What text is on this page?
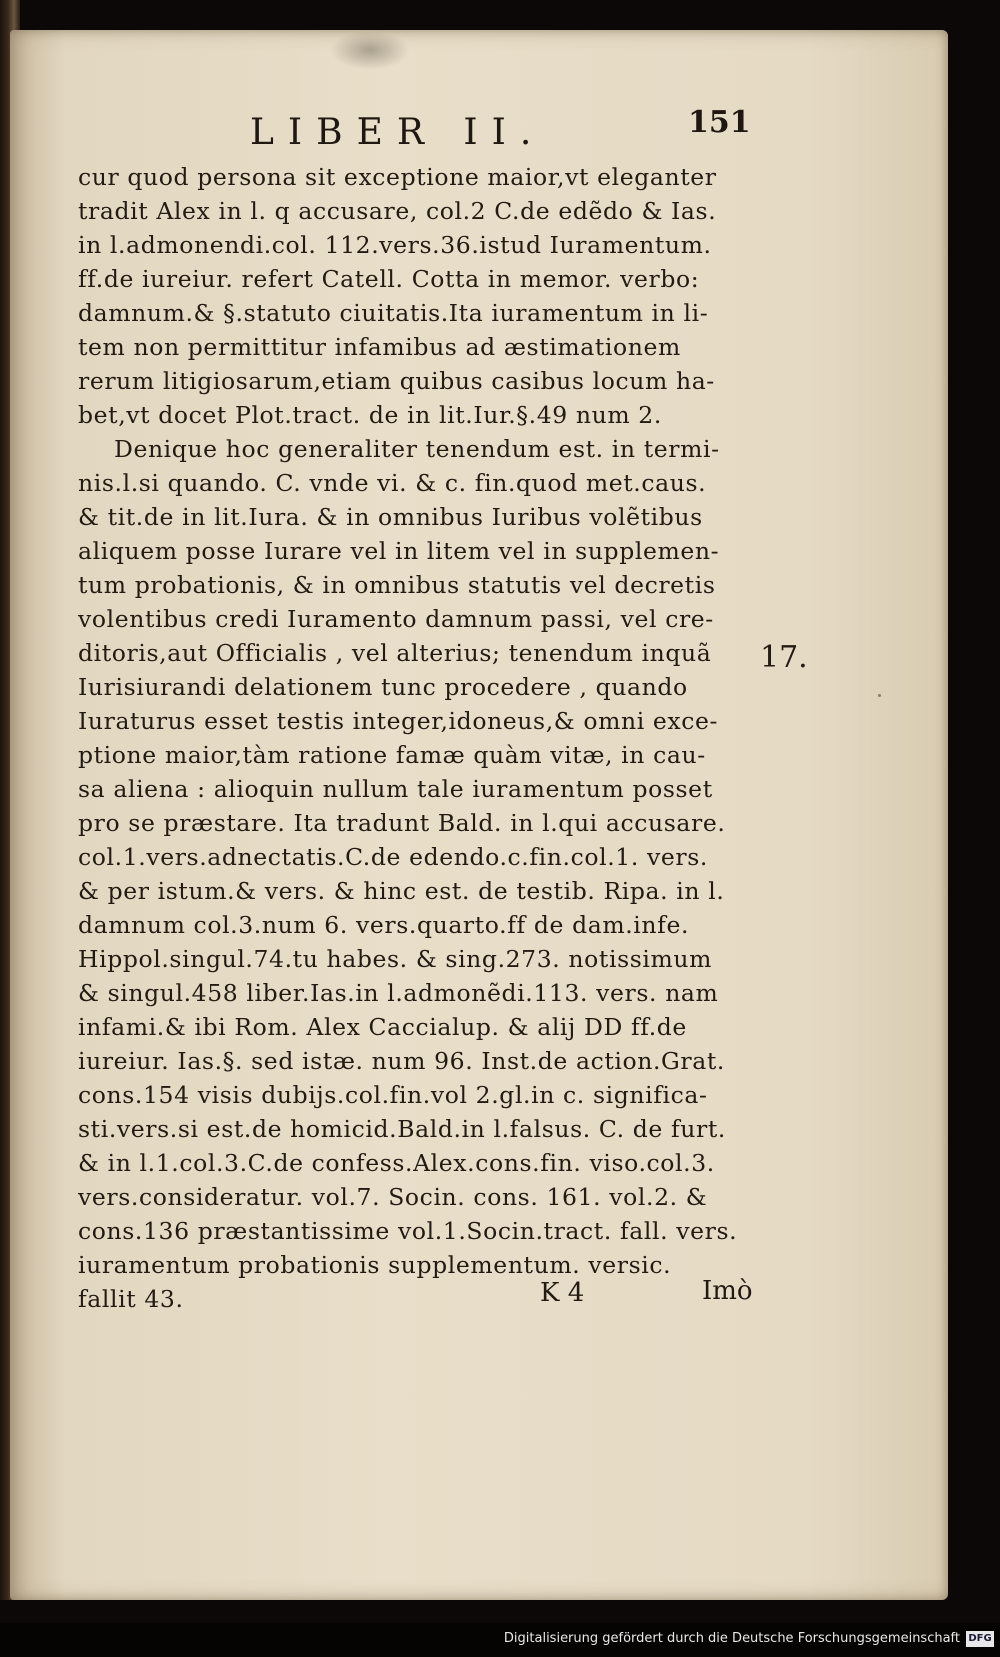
LIBER II.	151
cur quod persona sit exceptione maior,vt eleganter
tradit Alex in l. q accusare, col.2 C.de edẽdo & Ias.
in l.admonendi.col. 112.vers.36.istud Iuramentum.
ff.de iureiur. refert Catell. Cotta in memor. verbo:
damnum.& §.statuto ciuitatis.Ita iuramentum in li-
tem non permittitur infamibus ad æstimationem
rerum litigiosarum,etiam quibus casibus locum ha-
bet,vt docet Plot.tract. de in lit.Iur.§.49 num 2.
Denique hoc generaliter tenendum est. in termi-
nis.l.si quando. C. vnde vi. & c. fin.quod met.caus.
& tit.de in lit.Iura. & in omnibus Iuribus volẽtibus
aliquem posse Iurare vel in litem vel in supplemen-
tum probationis, & in omnibus statutis vel decretis
volentibus credi Iuramento damnum passi, vel cre-
ditoris,aut Officialis , vel alterius; tenendum inquã
Iurisiurandi delationem tunc procedere , quando
Iuraturus esset testis integer,idoneus,& omni exce-
ptione maior,tàm ratione famæ quàm vitæ, in cau-
sa aliena : alioquin nullum tale iuramentum posset
pro se præstare. Ita tradunt Bald. in l.qui accusare.
col.1.vers.adnectatis.C.de edendo.c.fin.col.1. vers.
& per istum.& vers. & hinc est. de testib. Ripa. in l.
damnum col.3.num 6. vers.quarto.ff de dam.infe.
Hippol.singul.74.tu habes. & sing.273. notissimum
& singul.458 liber.Ias.in l.admonẽdi.113. vers. nam
infami.& ibi Rom. Alex Caccialup. & alij DD ff.de
iureiur. Ias.§. sed istæ. num 96. Inst.de action.Grat.
cons.154 visis dubijs.col.fin.vol 2.gl.in c. significa-
sti.vers.si est.de homicid.Bald.in l.falsus. C. de furt.
& in l.1.col.3.C.de confess.Alex.cons.fin. viso.col.3.
vers.consideratur. vol.7. Socin. cons. 161. vol.2. &
cons.136 præstantissime vol.1.Socin.tract. fall. vers.
iuramentum probationis supplementum. versic.
fallit 43.
17.
K 4	Imò
Digitalisierung gefördert durch die Deutsche Forschungsgemeinschaft DFG
